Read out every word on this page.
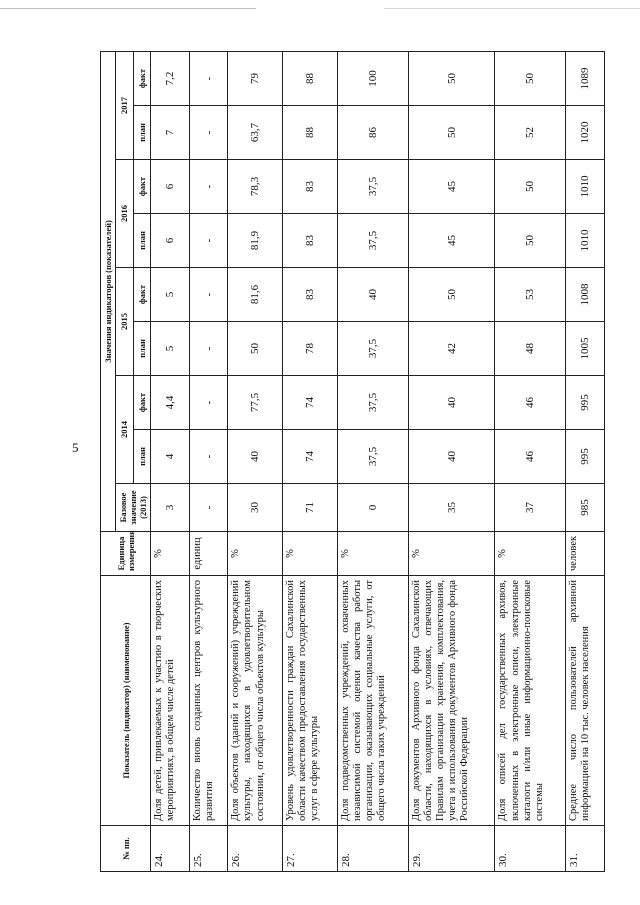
5
№ пп.	Показатель (индикатор) (наименование)	Единица измерения	Значения индикаторов (показателей)								
			Базовое значение (2013)	2014		2015		2016		2017	
				план	факт	план	факт	план	факт	план	факт
24.	Доля детей, привлекаемых к участию в творческих мероприятиях, в общем числе детей	%	3	4	4,4	5	5	6	6	7	7,2
25.	Количество вновь созданных центров культурного развития	единиц	-	-	-	-	-	-	-	-	-
26.	Доля объектов (зданий и сооружений) учреждений культуры, находящихся в удовлетворительном состоянии, от общего числа объектов культуры	%	30	40	77,5	50	81,6	81,9	78,3	63,7	79
27.	Уровень удовлетворенности граждан Сахалинской области качеством предоставления государственных услуг в сфере культуры	%	71	74	74	78	83	83	83	88	88
28.	Доля подведомственных учреждений, охваченных независимой системой оценки качества работы организации, оказывающих социальные услуги, от общего числа таких учреждений	%	0	37,5	37,5	37,5	40	37,5	37,5	86	100
29.	Доля документов Архивного фонда Сахалинской области, находящихся в условиях, отвечающих Правилам организации хранения, комплектования, учета и использования документов Архивного фонда Российской Федерации	%	35	40	40	42	50	45	45	50	50
30.	Доля описей дел государственных архивов, включенных в электронные описи, электронные каталоги и/или иные информационно-поисковые системы	%	37	46	46	48	53	50	50	52	50
31.	Среднее число пользователей архивной информацией на 10 тыс. человек населения	человек	985	995	995	1005	1008	1010	1010	1020	1089
